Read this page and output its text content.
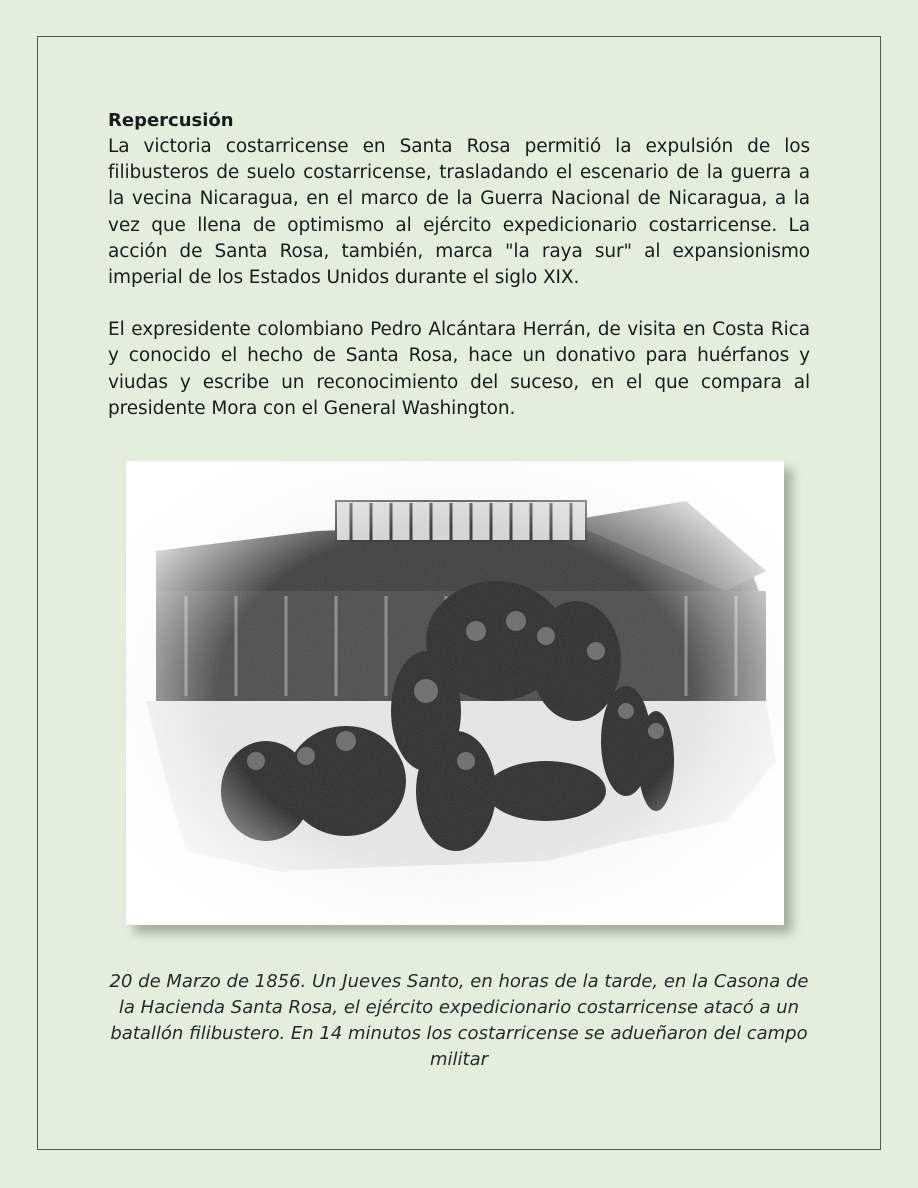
Repercusión

La victoria costarricense en Santa Rosa permitió la expulsión de los filibusteros de suelo costarricense, trasladando el escenario de la guerra a la vecina Nicaragua, en el marco de la Guerra Nacional de Nicaragua, a la vez que llena de optimismo al ejército expedicionario costarricense. La acción de Santa Rosa, también, marca "la raya sur" al expansionismo imperial de los Estados Unidos durante el siglo XIX.

El expresidente colombiano Pedro Alcántara Herrán, de visita en Costa Rica y conocido el hecho de Santa Rosa, hace un donativo para huérfanos y viudas y escribe un reconocimiento del suceso, en el que compara al presidente Mora con el General Washington.

20 de Marzo de 1856. Un Jueves Santo, en horas de la tarde, en la Casona de la Hacienda Santa Rosa, el ejército expedicionario costarricense atacó a un batallón filibustero. En 14 minutos los costarricense se adueñaron del campo militar
